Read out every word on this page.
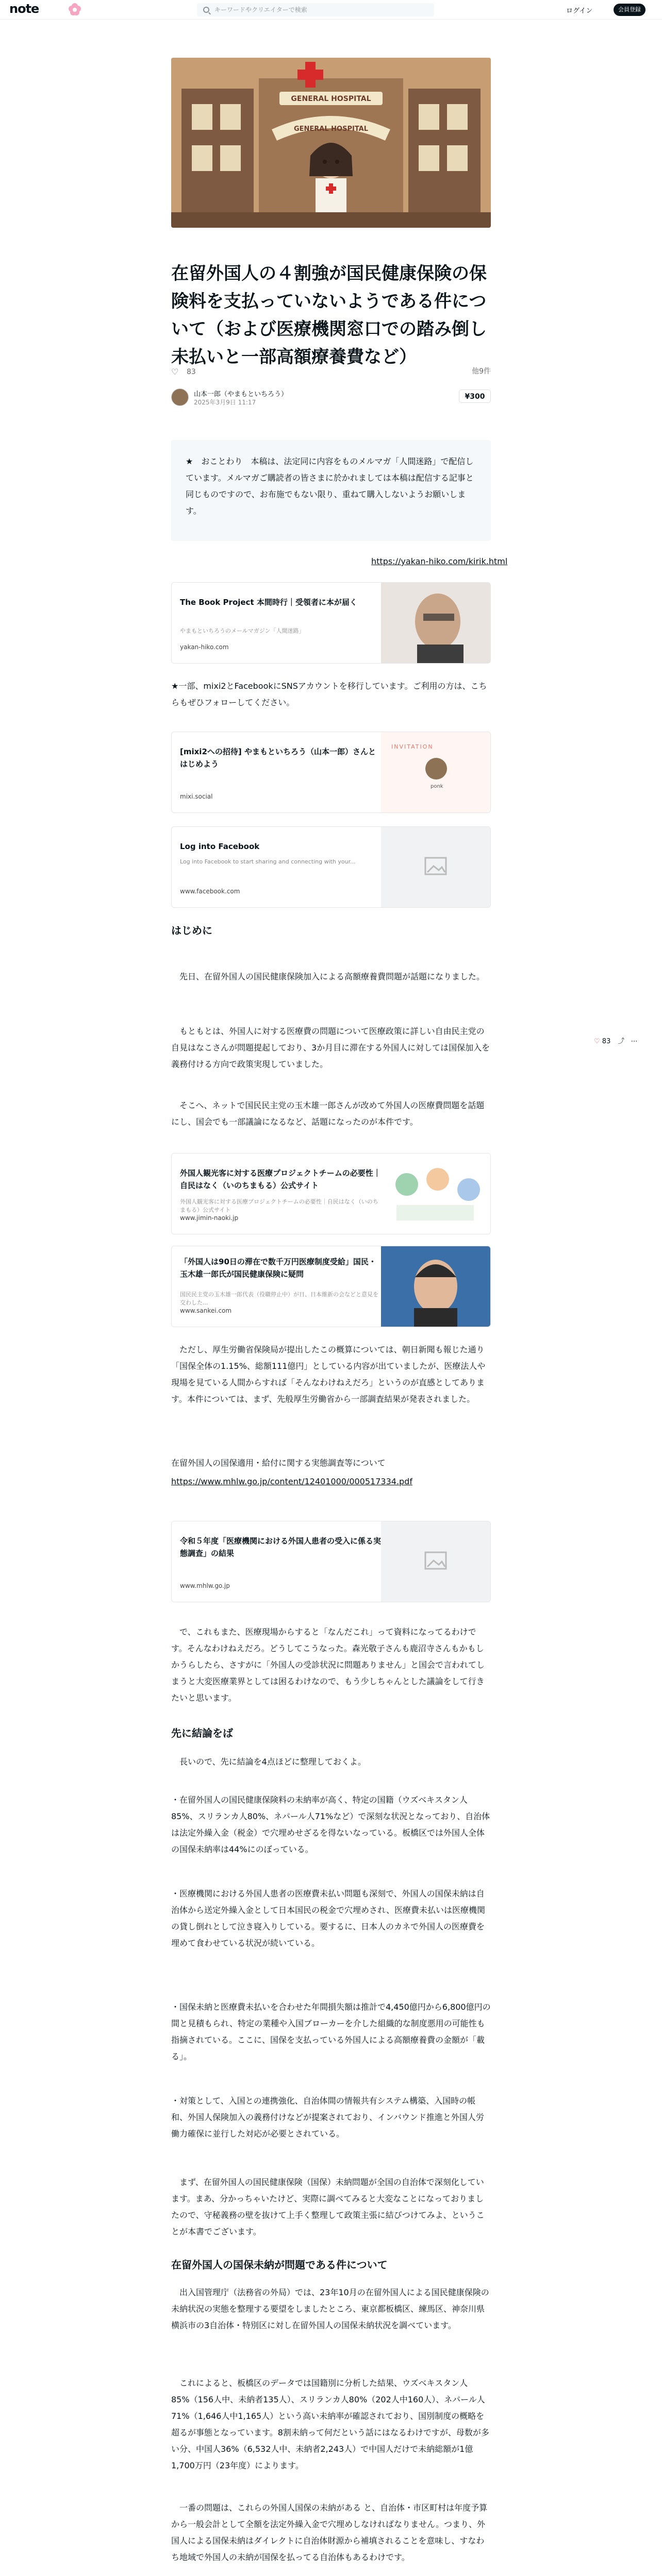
note	キーワードやクリエイターで検索	ログイン	会員登録
GENERAL HOSPITAL
GENERAL HOSPITAL
在留外国人の４割強が国民健康保険の保険料を支払っていないようである件について（および医療機関窓口での踏み倒し未払いと一部高額療養費など）
♡ 83	他9件
山本一郎（やまもといちろう）
2025年3月9日 11:17
¥300
★　おことわり　本稿は、法定同に内容をものメルマガ「人間迷路」で配信しています。メルマガご購読者の皆さまに於かれましては本稿は配信する記事と同じものですので、お布施でもない限り、重ねて購入しないようお願いします。
https://yakan-hiko.com/kirik.html
The Book Project 本間時行｜受領者に本が届く
やまもといちろうのメールマガジン「人間迷路」
yakan-hiko.com
★一部、mixi2とFacebookにSNSアカウントを移行しています。ご利用の方は、こちらもぜひフォローしてください。
[mixi2への招待] やまもといちろう（山本一郎）さんとはじめよう
mixi.social
INVITATION
ponk
Log into Facebook
Log into Facebook to start sharing and connecting with your...
www.facebook.com
はじめに
　先日、在留外国人の国民健康保険加入による高額療養費問題が話題になりました。
　もともとは、外国人に対する医療費の問題について医療政策に詳しい自由民主党の自見はなこさんが問題提起しており、3か月目に滞在する外国人に対しては国保加入を義務付ける方向で政策実現していました。
　そこへ、ネットで国民民主党の玉木雄一郎さんが改めて外国人の医療費問題を話題にし、国会でも一部議論になるなど、話題になったのが本件です。
外国人観光客に対する医療プロジェクトチームの必要性｜自民はなく（いのちまもる）公式サイト
外国人観光客に対する医療プロジェクトチームの必要性｜自民はなく（いのちまもる）公式サイト
www.jimin-naoki.jp
「外国人は90日の滞在で数千万円医療制度受給」国民・玉木雄一郎氏が国民健康保険に疑問
国民民主党の玉木雄一郎代表（役職停止中）が日、日本維新の会などと意見を交わした...
www.sankei.com
　ただし、厚生労働省保険局が提出したこの概算については、朝日新聞も報じた通り「国保全体の1.15%、総額111億円」としている内容が出ていましたが、医療法人や現場を見ている人間からすれば「そんなわけねえだろ」というのが直感としてあります。本件については、まず、先般厚生労働省から一部調査結果が発表されました。
在留外国人の国保適用・給付に関する実態調査等について
https://www.mhlw.go.jp/content/12401000/000517334.pdf
令和５年度「医療機関における外国人患者の受入に係る実態調査」の結果
www.mhlw.go.jp
　で、これもまた、医療現場からすると「なんだこれ」って資料になってるわけです。そんなわけねえだろ。どうしてこうなった。森光敬子さんも鹿沼寺さんもかもしかうらしたら、さすがに「外国人の受診状況に問題ありません」と国会で言われてしまうと大変医療業界としては困るわけなので、もう少しちゃんとした議論をして行きたいと思います。
先に結論をば
　長いので、先に結論を4点ほどに整理しておくよ。
・在留外国人の国民健康保険料の未納率が高く、特定の国籍（ウズベキスタン人85%、スリランカ人80%、ネパール人71%など）で深刻な状況となっており、自治体は法定外繰入金（税金）で穴埋めせざるを得ないなっている。板橋区では外国人全体の国保未納率は44%にのぼっている。
・医療機関における外国人患者の医療費未払い問題も深刻で、外国人の国保未納は自治体から送定外繰入金として日本国民の税金で穴埋めされ、医療費未払いは医療機関の貸し倒れとして泣き寝入りしている。要するに、日本人のカネで外国人の医療費を埋めて食わせている状況が続いている。
・国保未納と医療費未払いを合わせた年間損失額は推計で4,450億円から6,800億円の間と見積もられ、特定の業種や入国ブローカーを介した組織的な制度悪用の可能性も指摘されている。ここに、国保を支払っている外国人による高額療養費の金額が「載る」。
・対策として、入国との連携強化、自治体間の情報共有システム構築、入国時の帳和、外国人保険加入の義務付けなどが提案されており、インバウンド推進と外国人労働力確保に並行した対応が必要とされている。
　まず、在留外国人の国民健康保険（国保）未納問題が全国の自治体で深刻化しています。まあ、分かっちゃいたけど、実際に調べてみると大変なことになっておりましたので、守秘義務の壁を抜けて上手く整理して政策主張に結びつけてみよ、ということが本書でございます。
在留外国人の国保未納が問題である件について
　出入国管理庁（法務省の外局）では、23年10月の在留外国人による国民健康保険の未納状況の実態を整理する要望をしましたところ、東京都板橋区、練馬区、神奈川県横浜市の3自治体・特別区に対し在留外国人の国保未納状況を調べています。
　これによると、板橋区のデータでは国籍別に分析した結果、ウズベキスタン人85%（156人中、未納者135人）、スリランカ人80%（202人中160人）、ネパール人71%（1,646人中1,165人）という高い未納率が確認されており、国別制度の概略を超るが事態となっています。8割未納って何だという話にはなるわけですが、母数が多い分、中国人36%（6,532人中、未納者2,243人）で中国人だけで未納総額が1億1,700万円（23年度）によります。
　一番の問題は、これらの外国人国保の未納がある と、自治体・市区町村は年度予算から一般会計として全額を法定外繰入金で穴埋めしなければなりません。つまり、外国人による国保未納はダイレクトに自治体財源から補填されることを意味し、すなわち地域で外国人の未納が国保を払ってる自治体もあるわけです。
♡ 83 ⤴ ⋯
